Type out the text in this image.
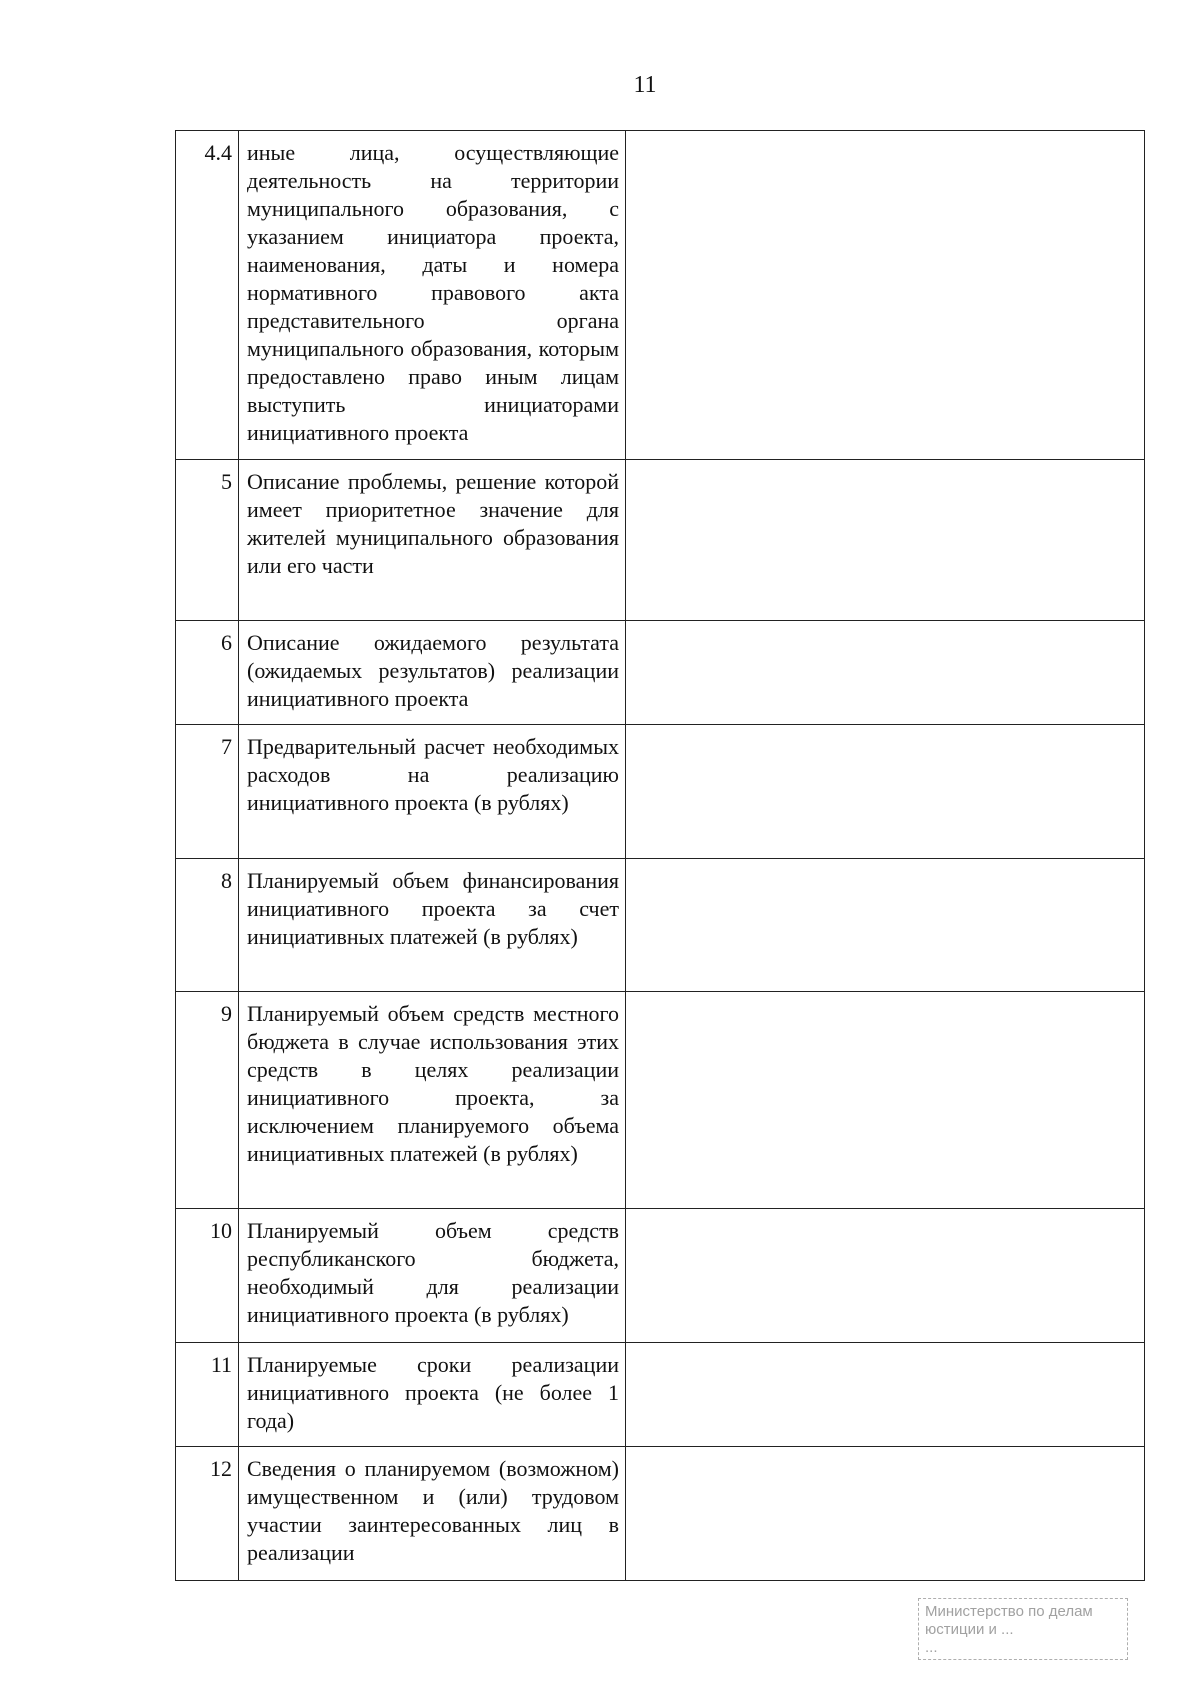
11
4.4	иные лица, осуществляющие деятельность на территории муниципального образования, с указанием инициатора проекта, наименования, даты и номера нормативного правового акта представительного органа муниципального образования, которым предоставлено право иным лицам выступить инициаторами инициативного проекта	
5	Описание проблемы, решение которой имеет приоритетное значение для жителей муниципального образования или его части	
6	Описание ожидаемого результата (ожидаемых результатов) реализации инициативного проекта	
7	Предварительный расчет необходимых расходов на реализацию инициативного проекта (в рублях)	
8	Планируемый объем финансирования инициативного проекта за счет инициативных платежей (в рублях)	
9	Планируемый объем средств местного бюджета в случае использования этих средств в целях реализации инициативного проекта, за исключением планируемого объема инициативных платежей (в рублях)	
10	Планируемый объем средств республиканского бюджета, необходимый для реализации инициативного проекта (в рублях)	
11	Планируемые сроки реализации инициативного проекта (не более 1 года)	
12	Сведения о планируемом (возможном) имущественном и (или) трудовом участии заинтересованных лиц в реализации	
Министерство по делам
юстиции и ...
...
